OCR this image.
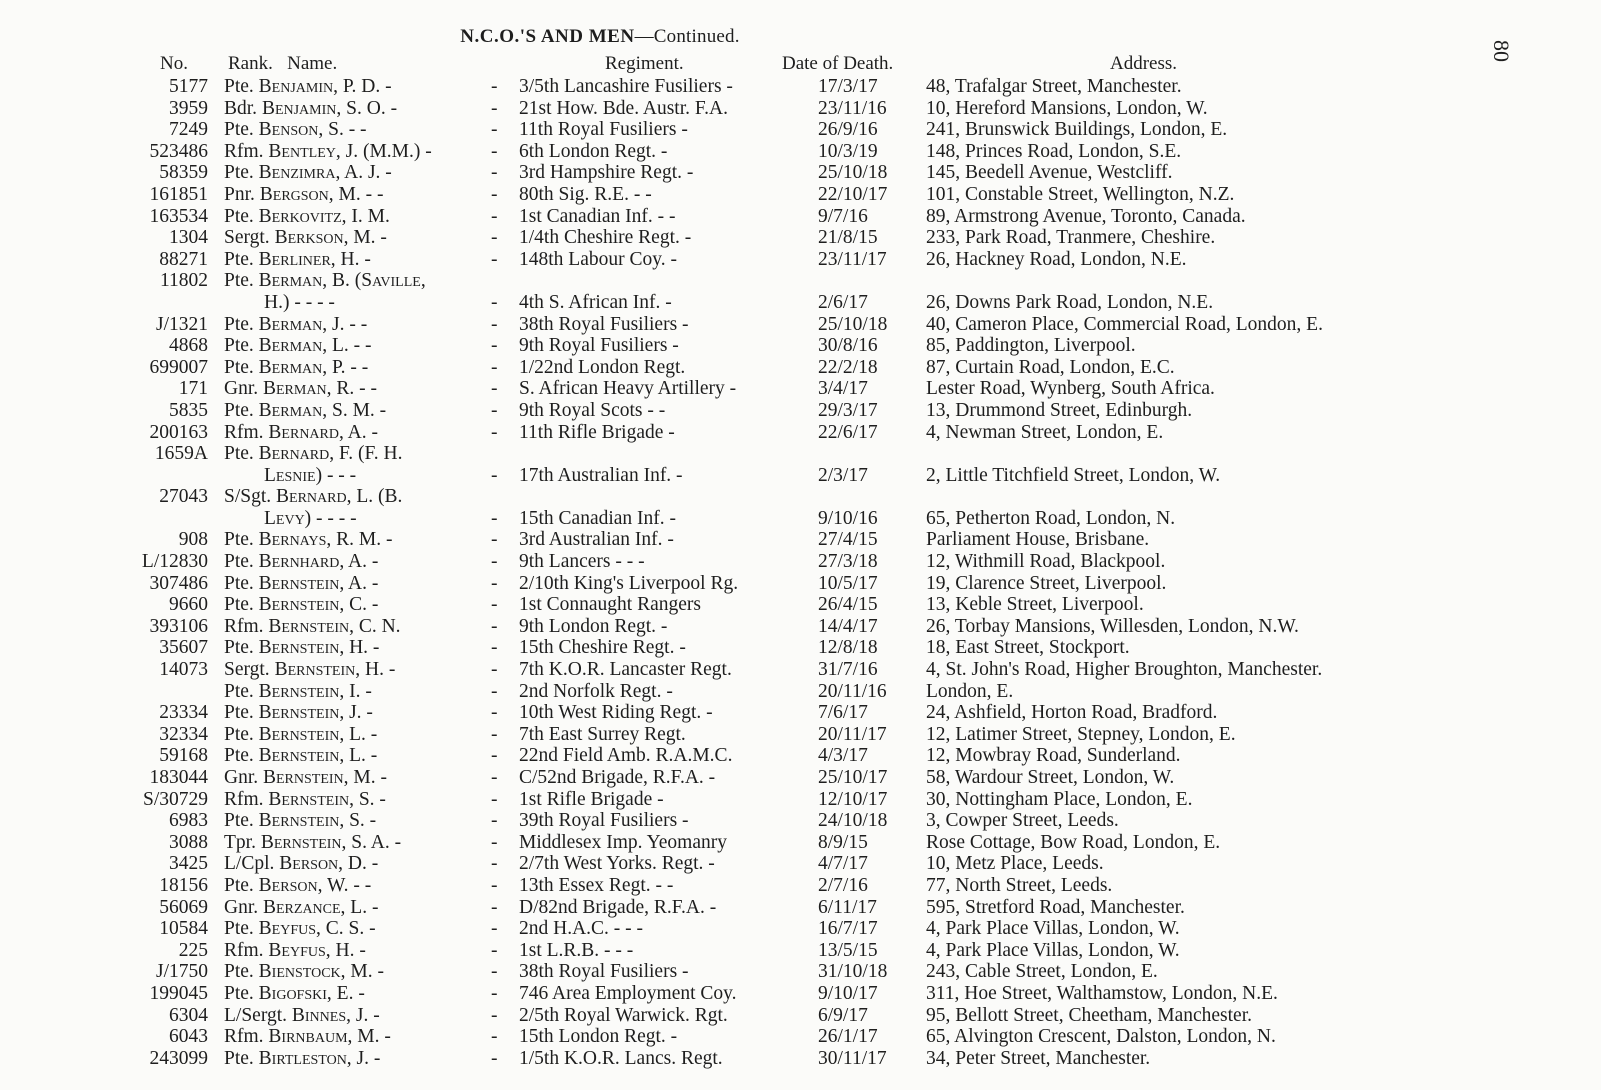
N.C.O.'S AND MEN—Continued.
80
No. Rank.   Name.	Regiment.	Date of Death.	Address.
5177 Pte. Benjamin, P. D. -	- 3/5th Lancashire Fusiliers -	17/3/17 48, Trafalgar Street, Manchester.
3959 Bdr. Benjamin, S. O. -	- 21st How. Bde. Austr. F.A.	23/11/16 10, Hereford Mansions, London, W.
7249 Pte. Benson, S. - -	- 11th Royal Fusiliers -	26/9/16 241, Brunswick Buildings, London, E.
523486 Rfm. Bentley, J. (M.M.) -	- 6th London Regt. -	10/3/19 148, Princes Road, London, S.E.
58359 Pte. Benzimra, A. J. -	- 3rd Hampshire Regt. -	25/10/18 145, Beedell Avenue, Westcliff.
161851 Pnr. Bergson, M. - -	- 80th Sig. R.E. - -	22/10/17 101, Constable Street, Wellington, N.Z.
163534 Pte. Berkovitz, I. M.	- 1st Canadian Inf. - -	9/7/16	89, Armstrong Avenue, Toronto, Canada.
1304 Sergt. Berkson, M. -	- 1/4th Cheshire Regt. -	21/8/15 233, Park Road, Tranmere, Cheshire.
88271 Pte. Berliner, H. -	- 148th Labour Coy. -	23/11/17 26, Hackney Road, London, N.E.
11802 Pte. Berman, B. (Saville,
H.) - - - -	- 4th S. African Inf. -	2/6/17	26, Downs Park Road, London, N.E.
J/1321 Pte. Berman, J. - -	- 38th Royal Fusiliers -	25/10/18 40, Cameron Place, Commercial Road, London, E.
4868 Pte. Berman, L. - -	- 9th Royal Fusiliers -	30/8/16 85, Paddington, Liverpool.
699007 Pte. Berman, P. - -	- 1/22nd London Regt.	22/2/18 87, Curtain Road, London, E.C.
171 Gnr. Berman, R. - -	- S. African Heavy Artillery -	3/4/17	Lester Road, Wynberg, South Africa.
5835 Pte. Berman, S. M. -	- 9th Royal Scots - -	29/3/17 13, Drummond Street, Edinburgh.
200163 Rfm. Bernard, A. -	- 11th Rifle Brigade -	22/6/17 4, Newman Street, London, E.
1659A Pte. Bernard, F. (F. H.
Lesnie) - - -	- 17th Australian Inf. -	2/3/17	2, Little Titchfield Street, London, W.
27043 S/Sgt. Bernard, L. (B.
Levy) - - - -	- 15th Canadian Inf. -	9/10/16 65, Petherton Road, London, N.
908 Pte. Bernays, R. M. -	- 3rd Australian Inf. -	27/4/15 Parliament House, Brisbane.
L/12830 Pte. Bernhard, A. -	- 9th Lancers - - -	27/3/18 12, Withmill Road, Blackpool.
307486 Pte. Bernstein, A. -	- 2/10th King's Liverpool Rg.	10/5/17 19, Clarence Street, Liverpool.
9660 Pte. Bernstein, C. -	- 1st Connaught Rangers	26/4/15 13, Keble Street, Liverpool.
393106 Rfm. Bernstein, C. N.	- 9th London Regt. -	14/4/17 26, Torbay Mansions, Willesden, London, N.W.
35607 Pte. Bernstein, H. -	- 15th Cheshire Regt. -	12/8/18 18, East Street, Stockport.
14073 Sergt. Bernstein, H. -	- 7th K.O.R. Lancaster Regt.	31/7/16 4, St. John's Road, Higher Broughton, Manchester.
Pte. Bernstein, I. -	- 2nd Norfolk Regt. -	20/11/16 London, E.
23334 Pte. Bernstein, J. -	- 10th West Riding Regt. -	7/6/17	24, Ashfield, Horton Road, Bradford.
32334 Pte. Bernstein, L. -	- 7th East Surrey Regt.	20/11/17 12, Latimer Street, Stepney, London, E.
59168 Pte. Bernstein, L. -	- 22nd Field Amb. R.A.M.C.	4/3/17	12, Mowbray Road, Sunderland.
183044 Gnr. Bernstein, M. -	- C/52nd Brigade, R.F.A. -	25/10/17 58, Wardour Street, London, W.
S/30729 Rfm. Bernstein, S. -	- 1st Rifle Brigade -	12/10/17 30, Nottingham Place, London, E.
6983 Pte. Bernstein, S. -	- 39th Royal Fusiliers -	24/10/18 3, Cowper Street, Leeds.
3088 Tpr. Bernstein, S. A. -	- Middlesex Imp. Yeomanry	8/9/15	Rose Cottage, Bow Road, London, E.
3425 L/Cpl. Berson, D. -	- 2/7th West Yorks. Regt. -	4/7/17	10, Metz Place, Leeds.
18156 Pte. Berson, W. - -	- 13th Essex Regt. - -	2/7/16	77, North Street, Leeds.
56069 Gnr. Berzance, L. -	- D/82nd Brigade, R.F.A. -	6/11/17	595, Stretford Road, Manchester.
10584 Pte. Beyfus, C. S. -	- 2nd H.A.C. - - -	16/7/17 4, Park Place Villas, London, W.
225 Rfm. Beyfus, H. -	- 1st L.R.B. - - -	13/5/15 4, Park Place Villas, London, W.
J/1750 Pte. Bienstock, M. -	- 38th Royal Fusiliers -	31/10/18 243, Cable Street, London, E.
199045 Pte. Bigofski, E. -	- 746 Area Employment Coy.	9/10/17 311, Hoe Street, Walthamstow, London, N.E.
6304 L/Sergt. Binnes, J. -	- 2/5th Royal Warwick. Rgt.	6/9/17	95, Bellott Street, Cheetham, Manchester.
6043 Rfm. Birnbaum, M. -	- 15th London Regt. -	26/1/17 65, Alvington Crescent, Dalston, London, N.
243099 Pte. Birtleston, J. -	- 1/5th K.O.R. Lancs. Regt.	30/11/17 34, Peter Street, Manchester.
